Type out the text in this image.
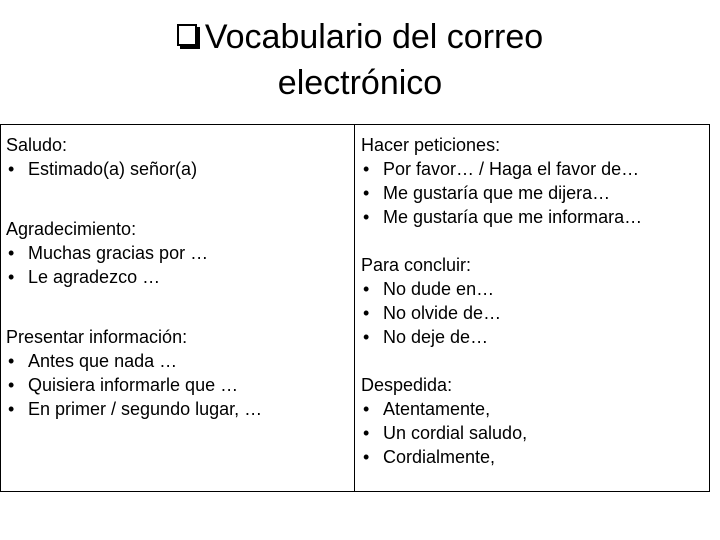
Vocabulario del correo
electrónico
Saludo:
• Estimado(a) señor(a)
Agradecimiento:
• Muchas gracias por …
• Le agradezco …
Presentar información:
• Antes que nada …
• Quisiera informarle que …
• En primer / segundo lugar, …
Hacer peticiones:
• Por favor… / Haga el favor de…
• Me gustaría que me dijera…
• Me gustaría que me informara…
Para concluir:
• No dude en…
• No olvide de…
• No deje de…
Despedida:
• Atentamente,
• Un cordial saludo,
• Cordialmente,
